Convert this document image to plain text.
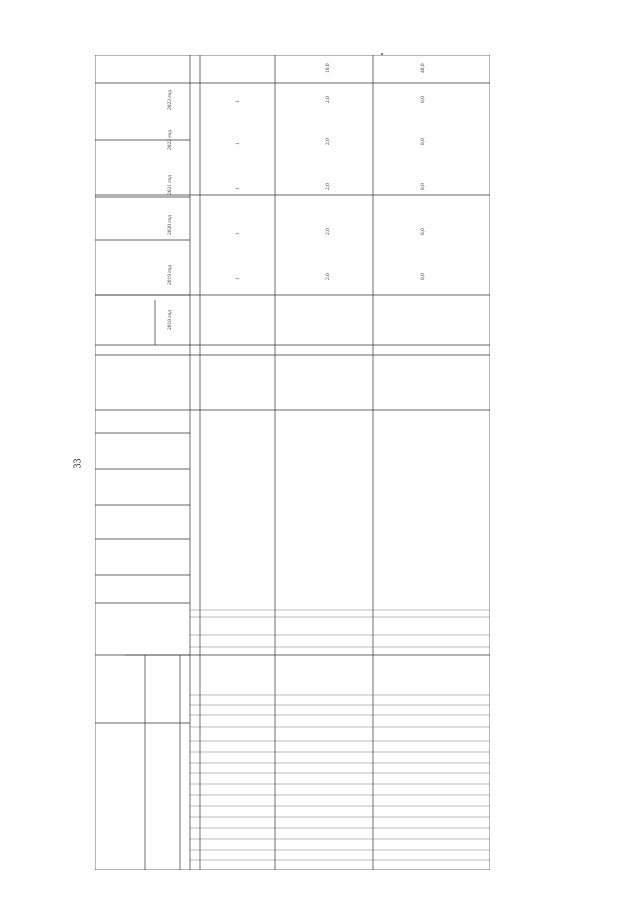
33
2018 год
2019 год
2020 год
2021 год
2022 год
2023 год
1
1
1
1
1
2,0
2,0
2,0
2,0
2,0
10,0
8,0
8,0
8,0
8,0
8,0
40,0
